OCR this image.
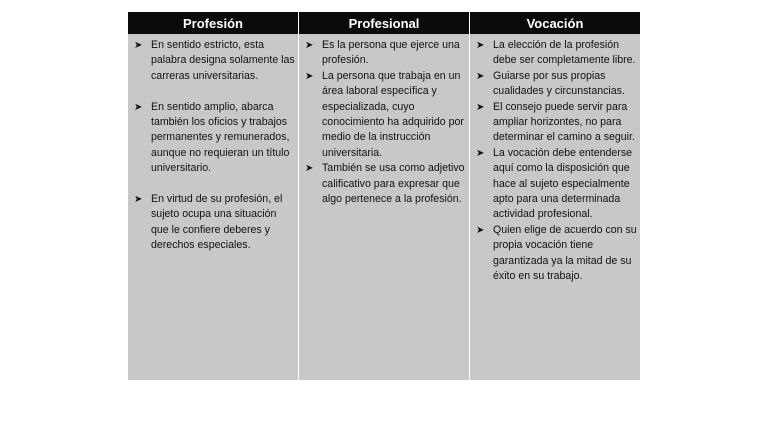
Profesión	Profesional	Vocación
➤
En sentido estricto, esta palabra designa solamente las carreras universitarias.
➤
En sentido amplio, abarca también los oficios y trabajos permanentes y remunerados, aunque no requieran un título universitario.
➤
En virtud de su profesión, el sujeto ocupa una situación que le confiere deberes y derechos especiales.
➤
Es la persona que ejerce una profesión.
➤
La persona que trabaja en un área laboral específica y especializada, cuyo conocimiento ha adquirido por medio de la instrucción universitaria.
➤
También se usa como adjetivo calificativo para expresar que algo pertenece a la profesión.
➤
La elección de la profesión debe ser completamente libre.
➤
Guiarse por sus propias cualidades y circunstancias.
➤
El consejo puede servir para ampliar horizontes, no para determinar el camino a seguir.
➤
La vocación debe entenderse aquí como la disposición que hace al sujeto especialmente apto para una determinada actividad profesional.
➤
Quien elige de acuerdo con su propia vocación tiene garantizada ya la mitad de su éxito en su trabajo.
